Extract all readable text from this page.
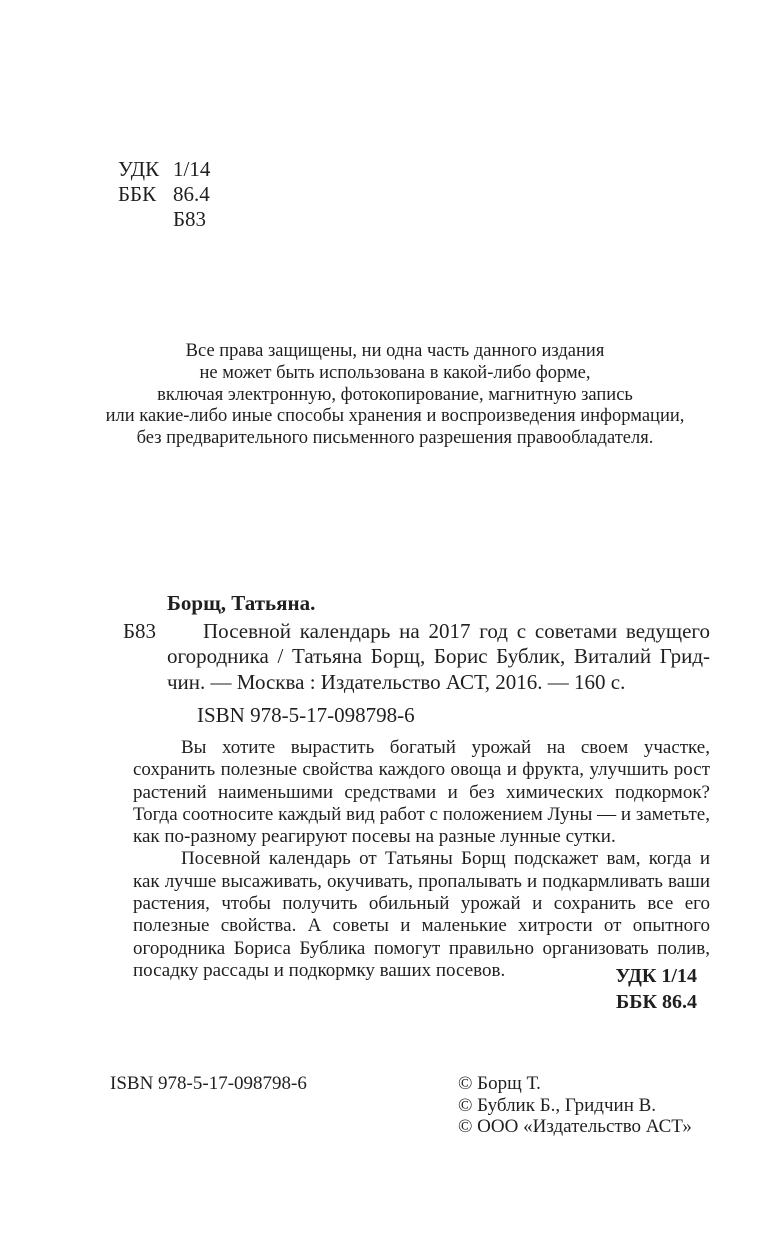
УДК 1/14
ББК 86.4
Б83
Все права защищены, ни одна часть данного издания
не может быть использована в какой-либо форме,
включая электронную, фотокопирование, магнитную запись
или какие-либо иные способы хранения и воспроизведения информации,
без предварительного письменного разрешения правообладателя.
Борщ, Татьяна.
Б83	Посевной календарь на 2017 год с советами ведущего огородника / Татьяна Борщ, Борис Бублик, Виталий Гридчин. — Москва : Издательство АСТ, 2016. — 160 с.
ISBN 978-5-17-098798-6

Вы хотите вырастить богатый урожай на своем участке, сохранить полезные свойства каждого овоща и фрукта, улучшить рост растений наименьшими средствами и без химических подкормок? Тогда соотносите каждый вид работ с положением Луны — и заметьте, как по-разному реагируют посевы на разные лунные сутки.

Посевной календарь от Татьяны Борщ подскажет вам, когда и как лучше высаживать, окучивать, пропалывать и подкармливать ваши растения, чтобы получить обильный урожай и сохранить все его полезные свойства. А советы и маленькие хитрости от опытного огородника Бориса Бублика помогут правильно организовать полив, посадку рассады и подкормку ваших посевов.	УДК 1/14
ББК 86.4
ISBN 978-5-17-098798-6	© Борщ Т.
© Бублик Б., Гридчин В.
© ООО «Издательство АСТ»
